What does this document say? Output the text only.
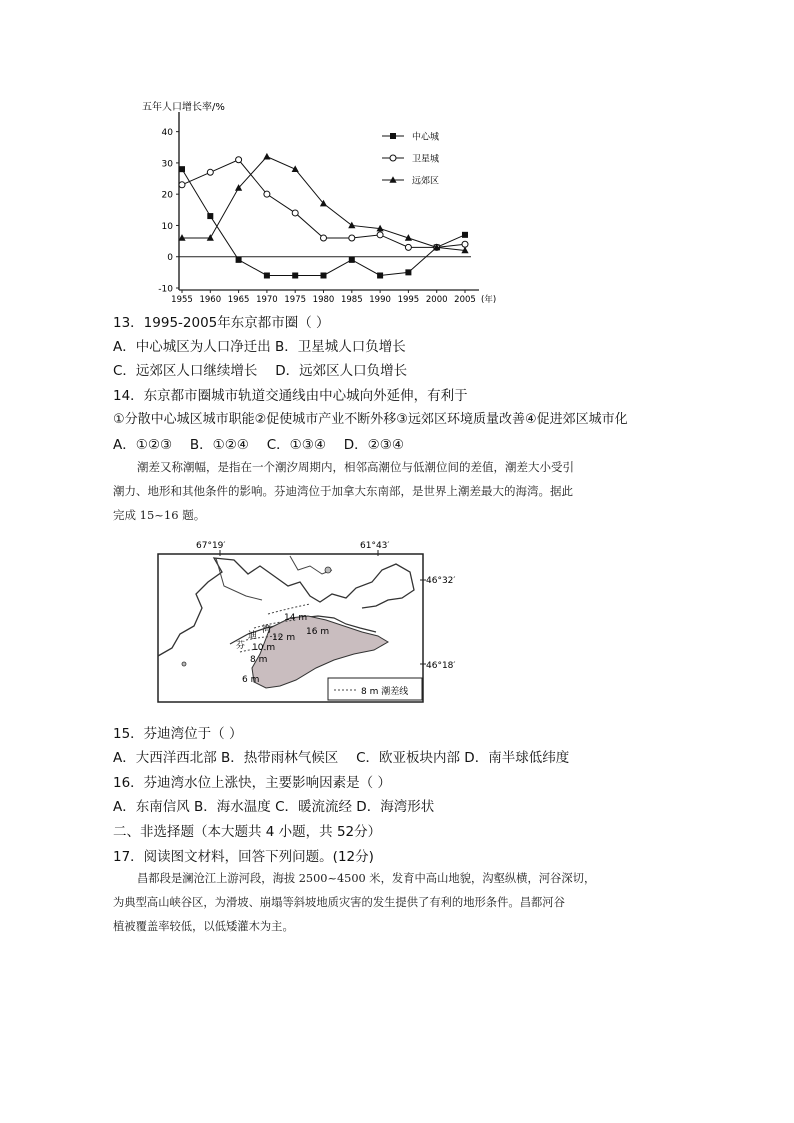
五年人口增长率/%
-10
0
10
20
30
40
1955 1960 1965 1970 1975 1980 1985 1990 1995 2000 2005 (年)
中心城
卫星城
远郊区
13．1995-2005年东京都市圈（ ）
A．中心城区为人口净迁出 B．卫星城人口负增长
C．远郊区人口继续增长　 D．远郊区人口负增长
14．东京都市圈城市轨道交通线由中心城向外延伸，有利于
①分散中心城区城市职能②促使城市产业不断外移③远郊区环境质量改善④促进郊区城市化
A．①②③　 B．①②④　 C．①③④　 D．②③④
潮差又称潮幅，是指在一个潮汐周期内，相邻高潮位与低潮位间的差值，潮差大小受引
潮力、地形和其他条件的影响。芬迪湾位于加拿大东南部，是世界上潮差最大的海湾。据此
完成 15~16 题。
67°19′	61°43′
46°32′
46°18′
芬
迪
湾
14 m
16 m
12 m
10 m
8 m
6 m
8 m 潮差线
15．芬迪湾位于（ ）
A．大西洋西北部 B．热带雨林气候区　 C．欧亚板块内部 D．南半球低纬度
16．芬迪湾水位上涨快，主要影响因素是（ ）
A．东南信风 B．海水温度 C．暖流流经 D．海湾形状
二、非选择题（本大题共 4 小题，共 52分）
17．阅读图文材料，回答下列问题。(12分)
昌都段是澜沧江上游河段，海拔 2500~4500 米，发育中高山地貌，沟壑纵横，河谷深切，
为典型高山峡谷区，为滑坡、崩塌等斜坡地质灾害的发生提供了有利的地形条件。昌都河谷
植被覆盖率较低，以低矮灌木为主。
